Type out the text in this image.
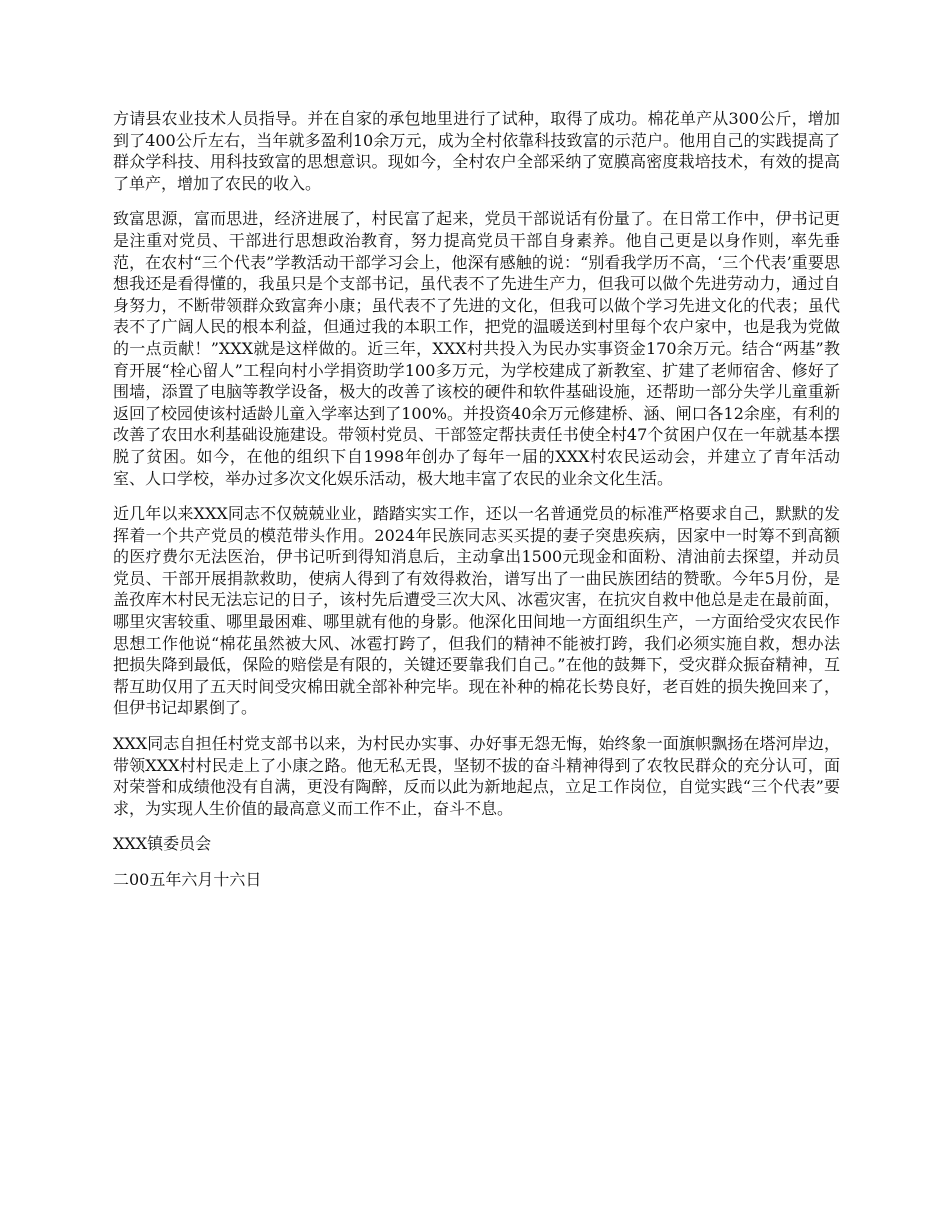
方请县农业技术人员指导。并在自家的承包地里进行了试种，取得了成功。棉花单产从300公斤，增加到了400公斤左右，当年就多盈利10余万元，成为全村依靠科技致富的示范户。他用自己的实践提高了群众学科技、用科技致富的思想意识。现如今，全村农户全部采纳了宽膜高密度栽培技术，有效的提高了单产，增加了农民的收入。

致富思源，富而思进，经济进展了，村民富了起来，党员干部说话有份量了。在日常工作中，伊书记更是注重对党员、干部进行思想政治教育，努力提高党员干部自身素养。他自己更是以身作则，率先垂范，在农村“三个代表”学教活动干部学习会上，他深有感触的说：“别看我学历不高，‘三个代表’重要思想我还是看得懂的，我虽只是个支部书记，虽代表不了先进生产力，但我可以做个先进劳动力，通过自身努力，不断带领群众致富奔小康；虽代表不了先进的文化，但我可以做个学习先进文化的代表；虽代表不了广阔人民的根本利益，但通过我的本职工作，把党的温暖送到村里每个农户家中，也是我为党做的一点贡献！”XXX就是这样做的。近三年，XXX村共投入为民办实事资金170余万元。结合“两基”教育开展“栓心留人”工程向村小学捐资助学100多万元，为学校建成了新教室、扩建了老师宿舍、修好了围墙，添置了电脑等教学设备，极大的改善了该校的硬件和软件基础设施，还帮助一部分失学儿童重新返回了校园使该村适龄儿童入学率达到了100%。并投资40余万元修建桥、涵、闸口各12余座，有利的改善了农田水利基础设施建设。带领村党员、干部签定帮扶责任书使全村47个贫困户仅在一年就基本摆脱了贫困。如今，在他的组织下自1998年创办了每年一届的XXX村农民运动会，并建立了青年活动室、人口学校，举办过多次文化娱乐活动，极大地丰富了农民的业余文化生活。

近几年以来XXX同志不仅兢兢业业，踏踏实实工作，还以一名普通党员的标准严格要求自己，默默的发挥着一个共产党员的模范带头作用。2024年民族同志买买提的妻子突患疾病，因家中一时筹不到高额的医疗费尔无法医治，伊书记听到得知消息后，主动拿出1500元现金和面粉、清油前去探望，并动员党员、干部开展捐款救助，使病人得到了有效得救治，谱写出了一曲民族团结的赞歌。今年5月份，是盖孜库木村民无法忘记的日子，该村先后遭受三次大风、冰雹灾害，在抗灾自救中他总是走在最前面，哪里灾害较重、哪里最困难、哪里就有他的身影。他深化田间地一方面组织生产，一方面给受灾农民作思想工作他说“棉花虽然被大风、冰雹打跨了，但我们的精神不能被打跨，我们必须实施自救，想办法把损失降到最低，保险的赔偿是有限的，关键还要靠我们自己。”在他的鼓舞下，受灾群众振奋精神，互帮互助仅用了五天时间受灾棉田就全部补种完毕。现在补种的棉花长势良好，老百姓的损失挽回来了，但伊书记却累倒了。

XXX同志自担任村党支部书以来，为村民办实事、办好事无怨无悔，始终象一面旗帜飘扬在塔河岸边，带领XXX村村民走上了小康之路。他无私无畏，坚韧不拔的奋斗精神得到了农牧民群众的充分认可，面对荣誉和成绩他没有自满，更没有陶醉，反而以此为新地起点，立足工作岗位，自觉实践“三个代表”要求，为实现人生价值的最高意义而工作不止，奋斗不息。

XXX镇委员会

二00五年六月十六日
